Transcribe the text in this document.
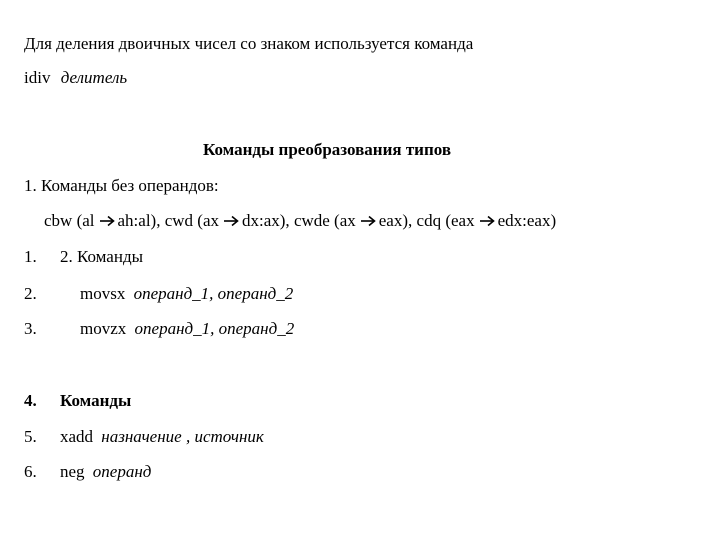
Для деления двоичных чисел со знаком используется команда
idiv делитель
Команды преобразования типов
1. Команды без операндов:
cbw (al ah:al), cwd (ax dx:ax), cwde (ax eax), cdq (eax edx:eax)
1. 2. Команды
2.	movsx операнд_1, операнд_2
3.	movzx операнд_1, операнд_2
4. Команды
5. xadd назначение , источник
6. neg операнд
